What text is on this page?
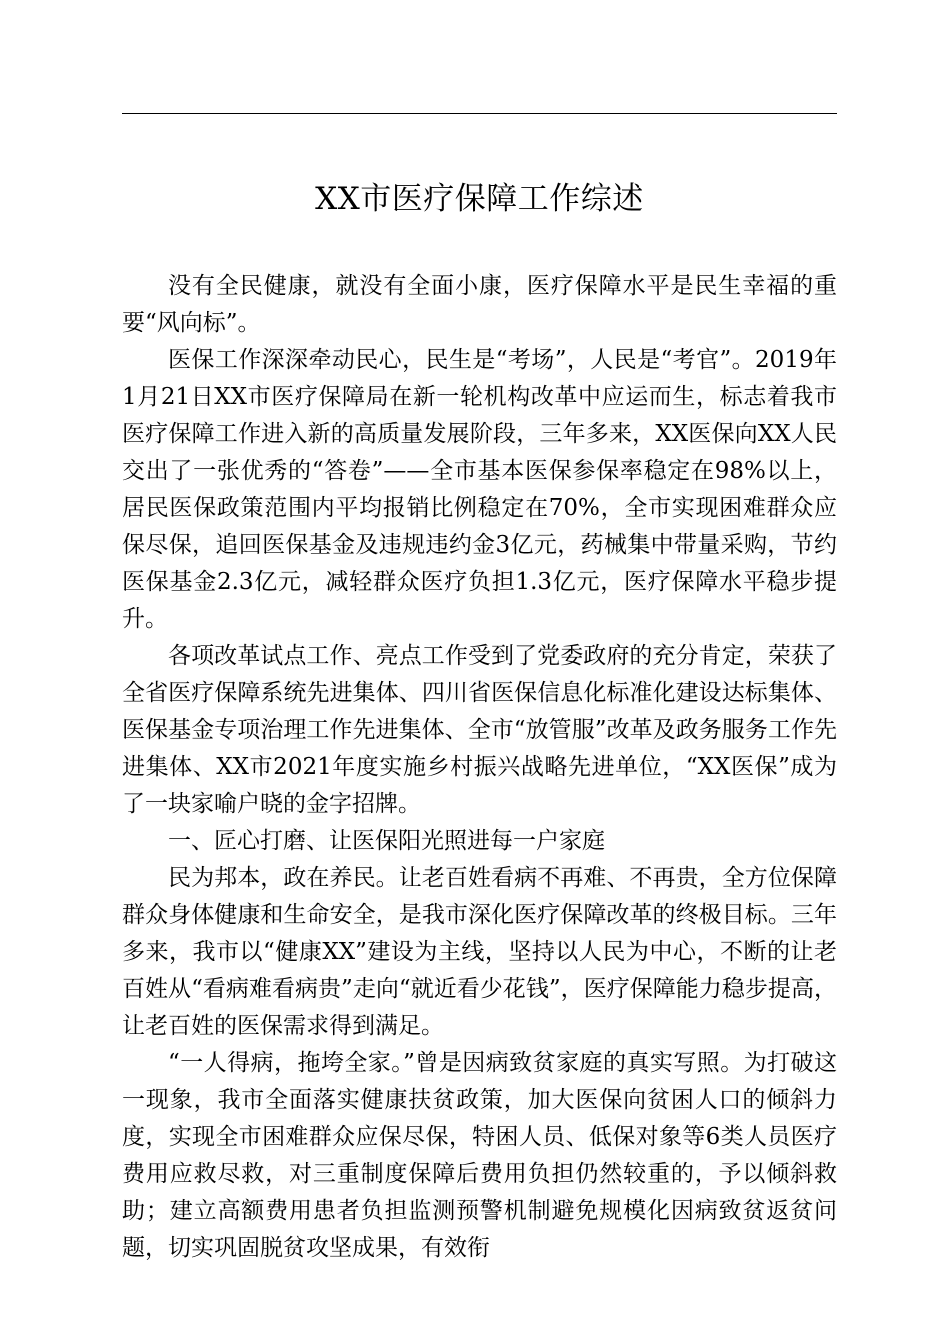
XX市医疗保障工作综述

没有全民健康，就没有全面小康，医疗保障水平是民生幸福的重要“风向标”。

医保工作深深牵动民心，民生是“考场”，人民是“考官”。2019年1月21日XX市医疗保障局在新一轮机构改革中应运而生，标志着我市医疗保障工作进入新的高质量发展阶段，三年多来，XX医保向XX人民交出了一张优秀的“答卷”——全市基本医保参保率稳定在98%以上，居民医保政策范围内平均报销比例稳定在70%，全市实现困难群众应保尽保，追回医保基金及违规违约金3亿元，药械集中带量采购，节约医保基金2.3亿元，减轻群众医疗负担1.3亿元，医疗保障水平稳步提升。

各项改革试点工作、亮点工作受到了党委政府的充分肯定，荣获了全省医疗保障系统先进集体、四川省医保信息化标准化建设达标集体、医保基金专项治理工作先进集体、全市“放管服”改革及政务服务工作先进集体、XX市2021年度实施乡村振兴战略先进单位，“XX医保”成为了一块家喻户晓的金字招牌。

一、匠心打磨、让医保阳光照进每一户家庭

民为邦本，政在养民。让老百姓看病不再难、不再贵，全方位保障群众身体健康和生命安全，是我市深化医疗保障改革的终极目标。三年多来，我市以“健康XX”建设为主线，坚持以人民为中心，不断的让老百姓从“看病难看病贵”走向“就近看少花钱”，医疗保障能力稳步提高，让老百姓的医保需求得到满足。

“一人得病，拖垮全家。”曾是因病致贫家庭的真实写照。为打破这一现象，我市全面落实健康扶贫政策，加大医保向贫困人口的倾斜力度，实现全市困难群众应保尽保，特困人员、低保对象等6类人员医疗费用应救尽救，对三重制度保障后费用负担仍然较重的，予以倾斜救助；建立高额费用患者负担监测预警机制避免规模化因病致贫返贫问题，切实巩固脱贫攻坚成果，有效衔
